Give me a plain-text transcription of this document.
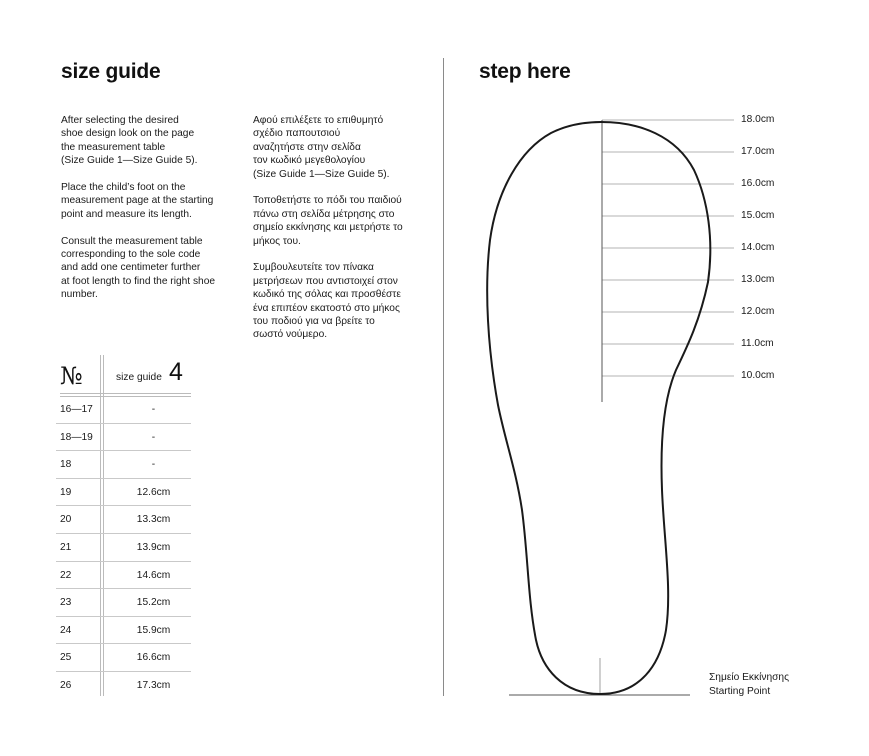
size guide

After selecting the desired
shoe design look on the page
the measurement table
(Size Guide 1—Size Guide 5).

Place the child’s foot on the
measurement page at the starting
point and measure its length.

Consult the measurement table
corresponding to the sole code
and add one centimeter further
at foot length to find the right shoe
number.

Αφού επιλέξετε το επιθυμητό
σχέδιο παπουτσιού
αναζητήστε στην σελίδα
τον κωδικό μεγεθολογίου
(Size Guide 1—Size Guide 5).

Τοποθετήστε το πόδι του παιδιού
πάνω στη σελίδα μέτρησης στο
σημείο εκκίνησης και μετρήστε το
μήκος του.

Συμβουλευτείτε τον πίνακα
μετρήσεων που αντιστοιχεί στον
κωδικό της σόλας και προσθέστε
ένα επιπέον εκατοστό στο μήκος
του ποδιού για να βρείτε το
σωστό νούμερο.

№	size guide 4
16—17	-
18—19	-
18	-
19	12.6cm
20	13.3cm
21	13.9cm
22	14.6cm
23	15.2cm
24	15.9cm
25	16.6cm
26	17.3cm
step here
18.0cm
17.0cm
16.0cm
15.0cm
14.0cm
13.0cm
12.0cm
11.0cm
10.0cm
Σημείο Εκκίνησης
Starting Point
